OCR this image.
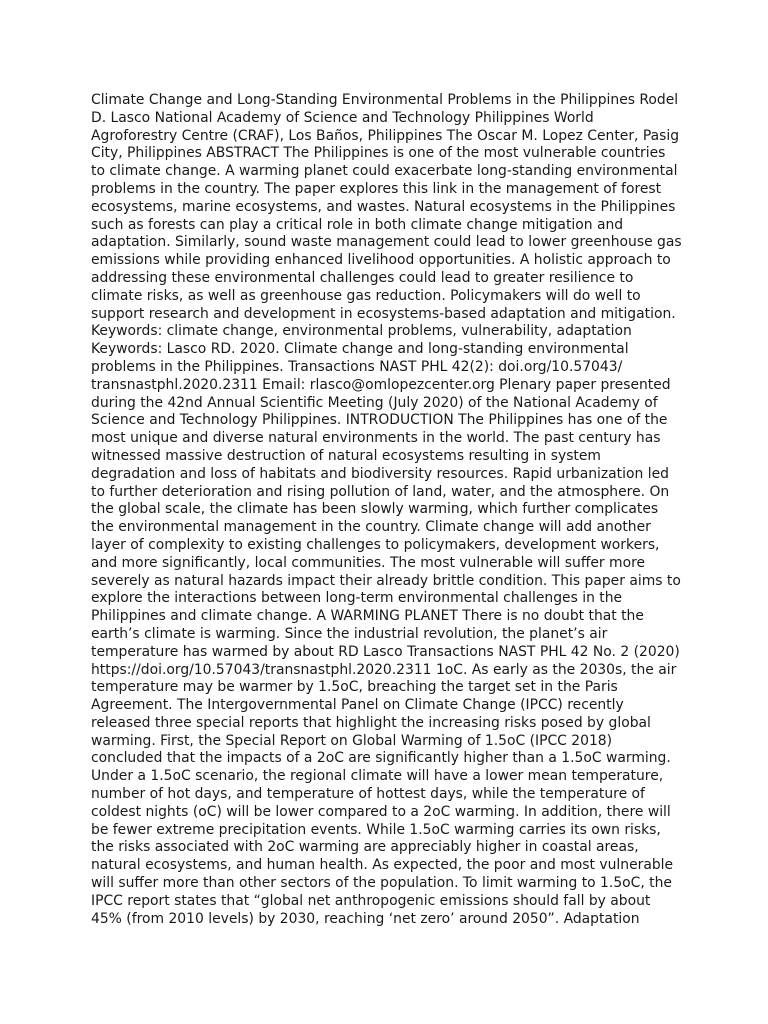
Climate Change and Long-Standing Environmental Problems in the Philippines Rodel
D. Lasco National Academy of Science and Technology Philippines World
Agroforestry Centre (CRAF), Los Baños, Philippines The Oscar M. Lopez Center, Pasig
City, Philippines ABSTRACT The Philippines is one of the most vulnerable countries
to climate change. A warming planet could exacerbate long-standing environmental
problems in the country. The paper explores this link in the management of forest
ecosystems, marine ecosystems, and wastes. Natural ecosystems in the Philippines
such as forests can play a critical role in both climate change mitigation and
adaptation. Similarly, sound waste management could lead to lower greenhouse gas
emissions while providing enhanced livelihood opportunities. A holistic approach to
addressing these environmental challenges could lead to greater resilience to
climate risks, as well as greenhouse gas reduction. Policymakers will do well to
support research and development in ecosystems-based adaptation and mitigation.
Keywords: climate change, environmental problems, vulnerability, adaptation
Keywords: Lasco RD. 2020. Climate change and long-standing environmental
problems in the Philippines. Transactions NAST PHL 42(2): doi.org/10.57043/
transnastphl.2020.2311 Email: rlasco@omlopezcenter.org Plenary paper presented
during the 42nd Annual Scientific Meeting (July 2020) of the National Academy of
Science and Technology Philippines. INTRODUCTION The Philippines has one of the
most unique and diverse natural environments in the world. The past century has
witnessed massive destruction of natural ecosystems resulting in system
degradation and loss of habitats and biodiversity resources. Rapid urbanization led
to further deterioration and rising pollution of land, water, and the atmosphere. On
the global scale, the climate has been slowly warming, which further complicates
the environmental management in the country. Climate change will add another
layer of complexity to existing challenges to policymakers, development workers,
and more significantly, local communities. The most vulnerable will suffer more
severely as natural hazards impact their already brittle condition. This paper aims to
explore the interactions between long-term environmental challenges in the
Philippines and climate change. A WARMING PLANET There is no doubt that the
earth’s climate is warming. Since the industrial revolution, the planet’s air
temperature has warmed by about RD Lasco Transactions NAST PHL 42 No. 2 (2020)
https://doi.org/10.57043/transnastphl.2020.2311 1oC. As early as the 2030s, the air
temperature may be warmer by 1.5oC, breaching the target set in the Paris
Agreement. The Intergovernmental Panel on Climate Change (IPCC) recently
released three special reports that highlight the increasing risks posed by global
warming. First, the Special Report on Global Warming of 1.5oC (IPCC 2018)
concluded that the impacts of a 2oC are significantly higher than a 1.5oC warming.
Under a 1.5oC scenario, the regional climate will have a lower mean temperature,
number of hot days, and temperature of hottest days, while the temperature of
coldest nights (oC) will be lower compared to a 2oC warming. In addition, there will
be fewer extreme precipitation events. While 1.5oC warming carries its own risks,
the risks associated with 2oC warming are appreciably higher in coastal areas,
natural ecosystems, and human health. As expected, the poor and most vulnerable
will suffer more than other sectors of the population. To limit warming to 1.5oC, the
IPCC report states that “global net anthropogenic emissions should fall by about
45% (from 2010 levels) by 2030, reaching ‘net zero’ around 2050”. Adaptation
